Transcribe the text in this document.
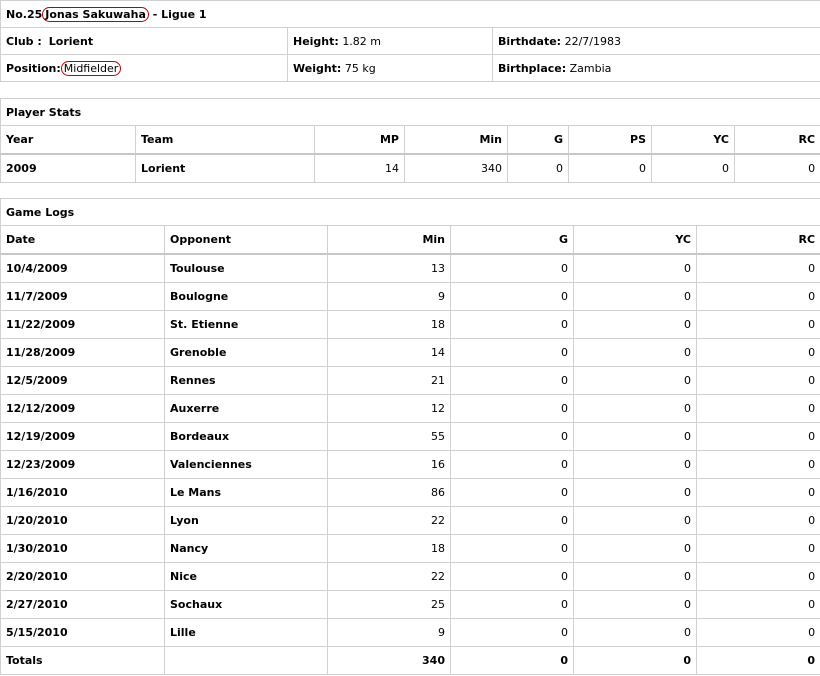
No.25 Jonas Sakuwaha - Ligue 1		
Club : Lorient	Height: 1.82 m	Birthdate: 22/7/1983
Position: Midfielder	Weight: 75 kg	Birthplace: Zambia
Player Stats							
Year	Team	MP	Min	G	PS	YC	RC
2009	Lorient	14	340	0	0	0	0
Game Logs					
Date	Opponent	Min	G	YC	RC
10/4/2009	Toulouse	13	0	0	0
11/7/2009	Boulogne	9	0	0	0
11/22/2009	St. Etienne	18	0	0	0
11/28/2009	Grenoble	14	0	0	0
12/5/2009	Rennes	21	0	0	0
12/12/2009	Auxerre	12	0	0	0
12/19/2009	Bordeaux	55	0	0	0
12/23/2009	Valenciennes	16	0	0	0
1/16/2010	Le Mans	86	0	0	0
1/20/2010	Lyon	22	0	0	0
1/30/2010	Nancy	18	0	0	0
2/20/2010	Nice	22	0	0	0
2/27/2010	Sochaux	25	0	0	0
5/15/2010	Lille	9	0	0	0
Totals		340	0	0	0
